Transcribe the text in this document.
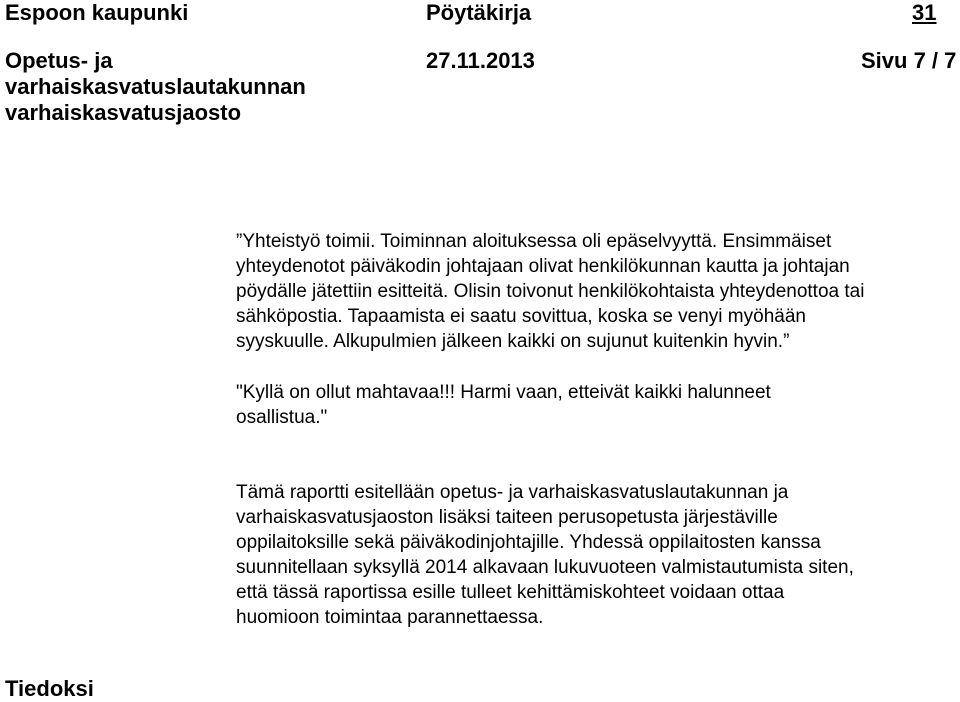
Espoon kaupunki	Pöytäkirja	31
Opetus- ja
varhaiskasvatuslautakunnan
varhaiskasvatusjaosto
27.11.2013	Sivu 7 / 7
”Yhteistyö toimii. Toiminnan aloituksessa oli epäselvyyttä. Ensimmäiset
yhteydenotot päiväkodin johtajaan olivat henkilökunnan kautta ja johtajan
pöydälle jätettiin esitteitä. Olisin toivonut henkilökohtaista yhteydenottoa tai
sähköpostia. Tapaamista ei saatu sovittua, koska se venyi myöhään
syyskuulle. Alkupulmien jälkeen kaikki on sujunut kuitenkin hyvin.”
"Kyllä on ollut mahtavaa!!! Harmi vaan, etteivät kaikki halunneet
osallistua."
Tämä raportti esitellään opetus- ja varhaiskasvatuslautakunnan ja
varhaiskasvatusjaoston lisäksi taiteen perusopetusta järjestäville
oppilaitoksille sekä päiväkodinjohtajille. Yhdessä oppilaitosten kanssa
suunnitellaan syksyllä 2014 alkavaan lukuvuoteen valmistautumista siten,
että tässä raportissa esille tulleet kehittämiskohteet voidaan ottaa
huomioon toimintaa parannettaessa.
Tiedoksi
